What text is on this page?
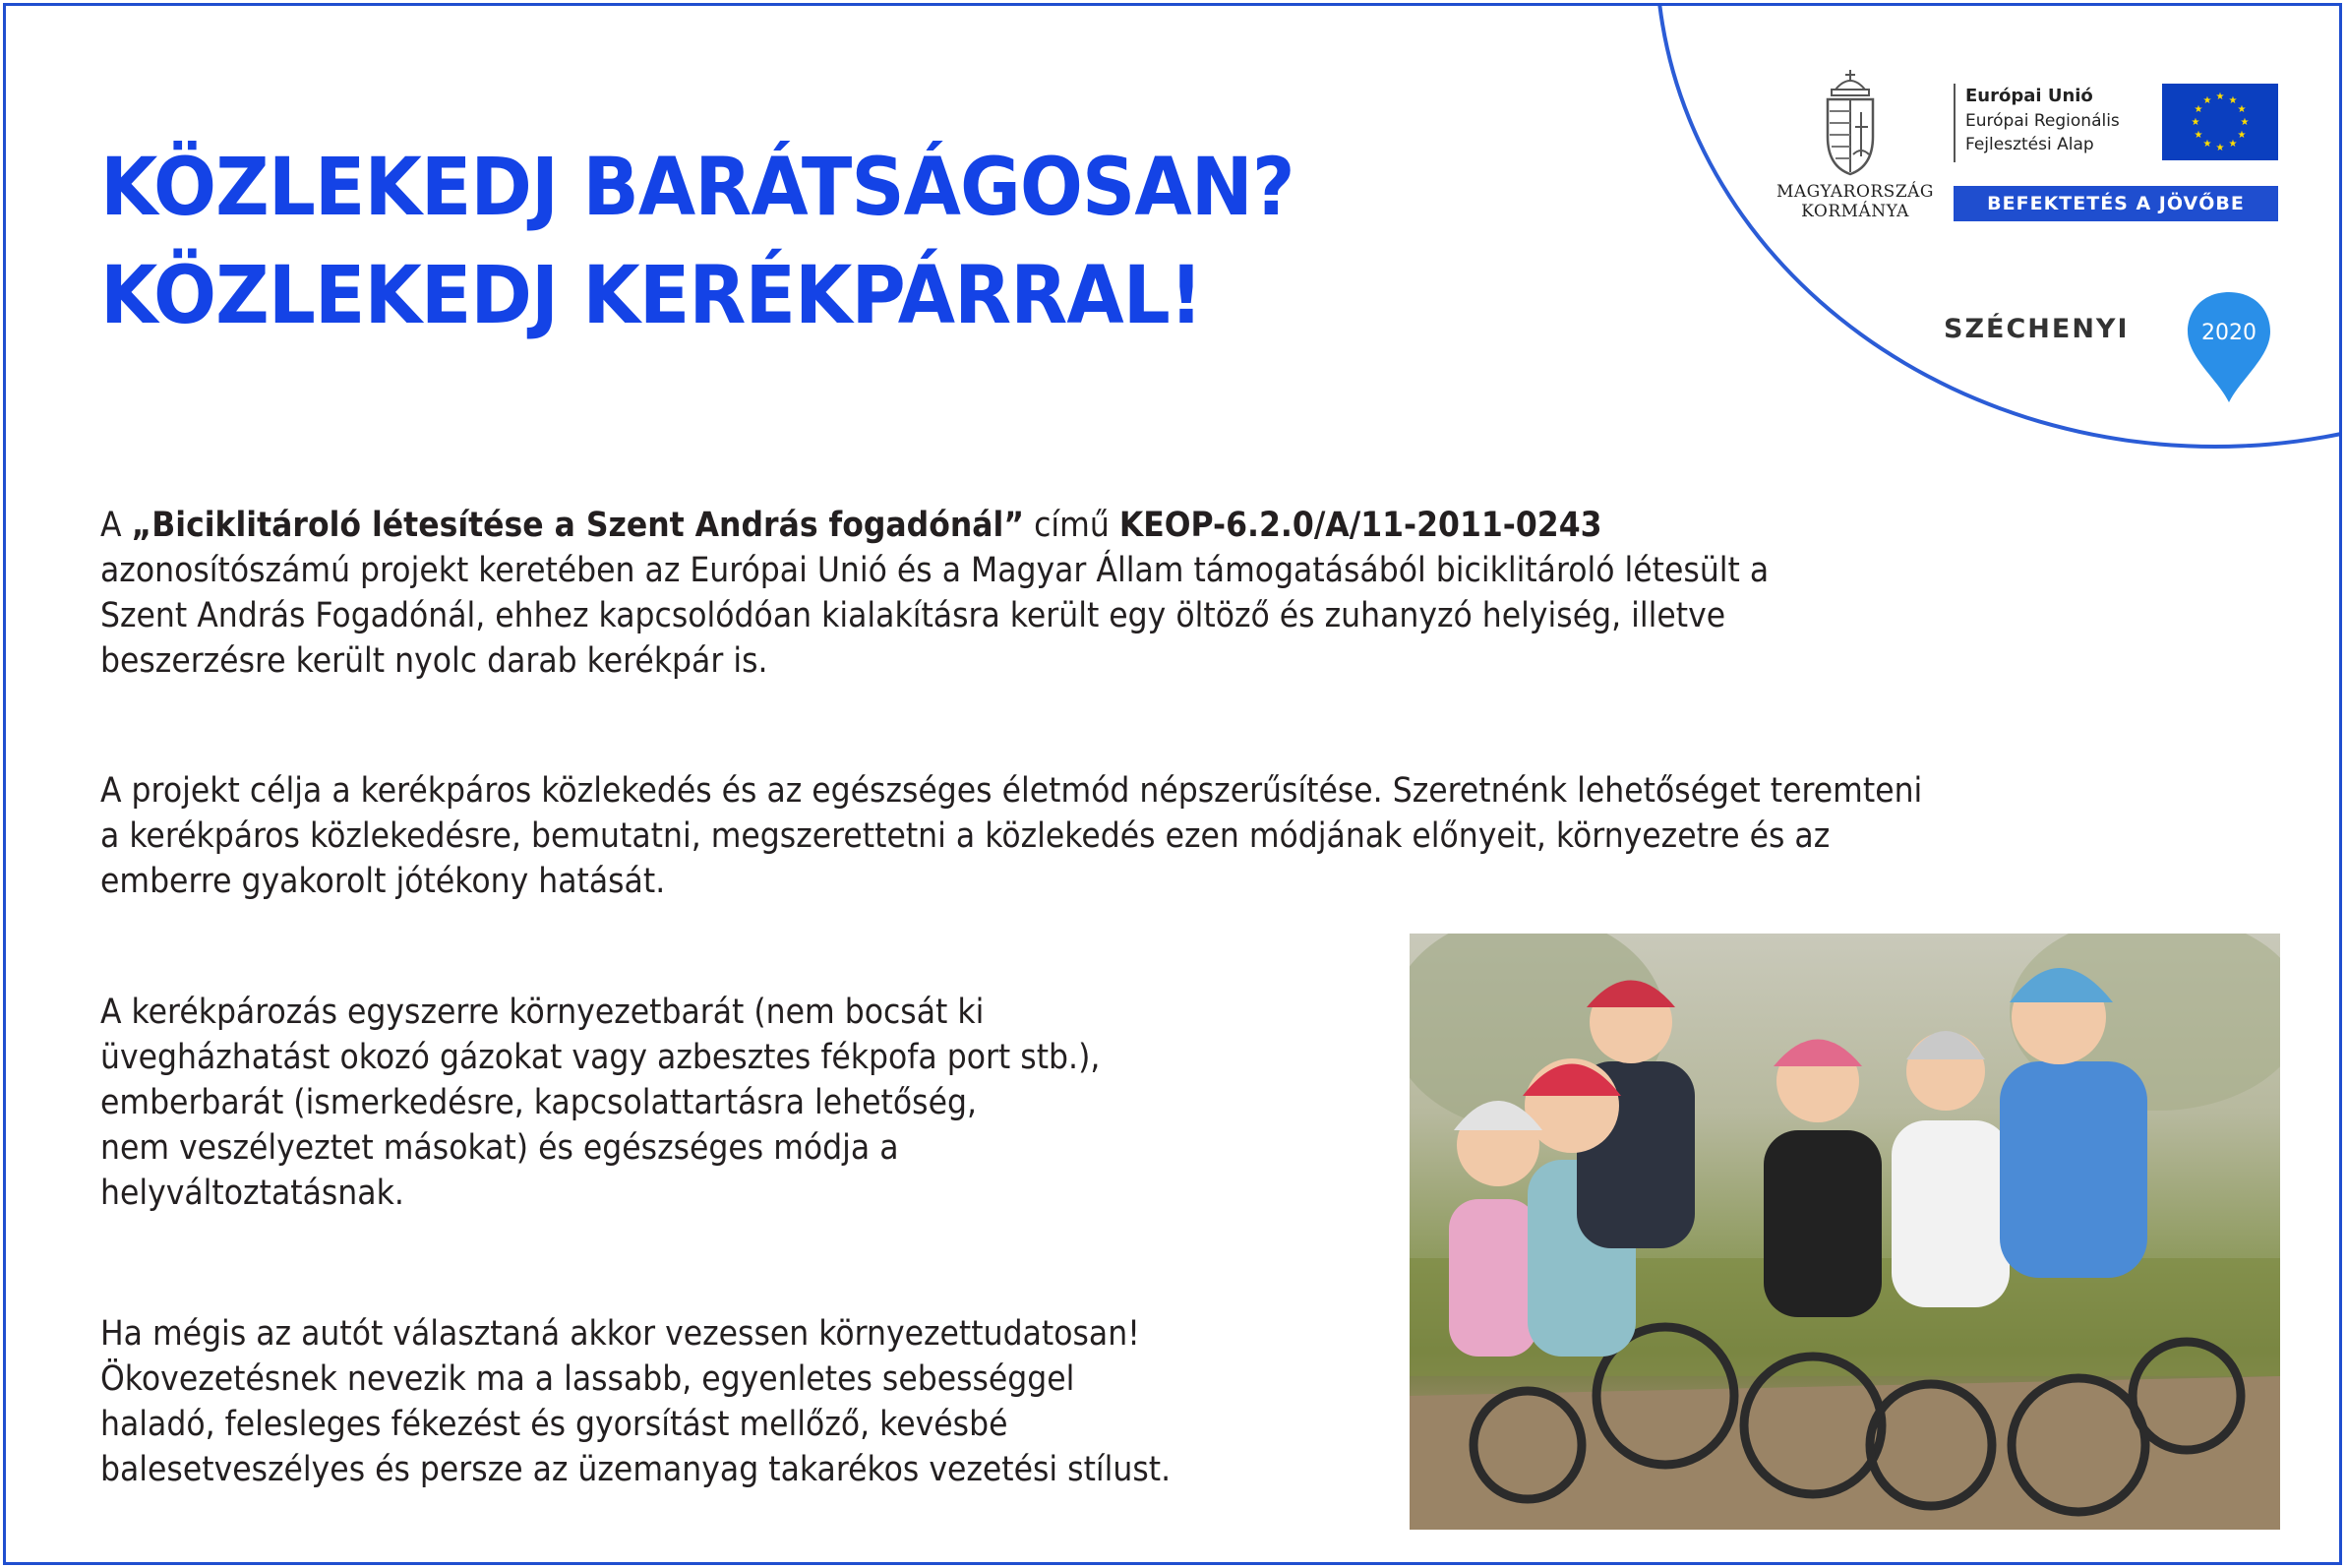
KÖZLEKEDJ BARÁTSÁGOSAN?
KÖZLEKEDJ KERÉKPÁRRAL!
MAGYARORSZÁG
KORMÁNYA
Európai Unió
Európai Regionális
Fejlesztési Alap
★ ★
★
★
★
★
★
★
★
★
★
★
BEFEKTETÉS A JÖVŐBE
SZÉCHENYI	2020

A „Biciklitároló létesítése a Szent András fogadónál” című KEOP-6.2.0/A/11-2011-0243
azonosítószámú projekt keretében az Európai Unió és a Magyar Állam támogatásából biciklitároló létesült a
Szent András Fogadónál, ehhez kapcsolódóan kialakításra került egy öltöző és zuhanyzó helyiség, illetve
beszerzésre került nyolc darab kerékpár is.

A projekt célja a kerékpáros közlekedés és az egészséges életmód népszerűsítése. Szeretnénk lehetőséget teremteni
a kerékpáros közlekedésre, bemutatni, megszerettetni a közlekedés ezen módjának előnyeit, környezetre és az
emberre gyakorolt jótékony hatását.

A kerékpározás egyszerre környezetbarát (nem bocsát ki
üvegházhatást okozó gázokat vagy azbesztes fékpofa port stb.),
emberbarát (ismerkedésre, kapcsolattartásra lehetőség,
nem veszélyeztet másokat) és egészséges módja a
helyváltoztatásnak.

Ha mégis az autót választaná akkor vezessen környezettudatosan!
Ökovezetésnek nevezik ma a lassabb, egyenletes sebességgel
haladó, felesleges fékezést és gyorsítást mellőző, kevésbé
balesetveszélyes és persze az üzemanyag takarékos vezetési stílust.
